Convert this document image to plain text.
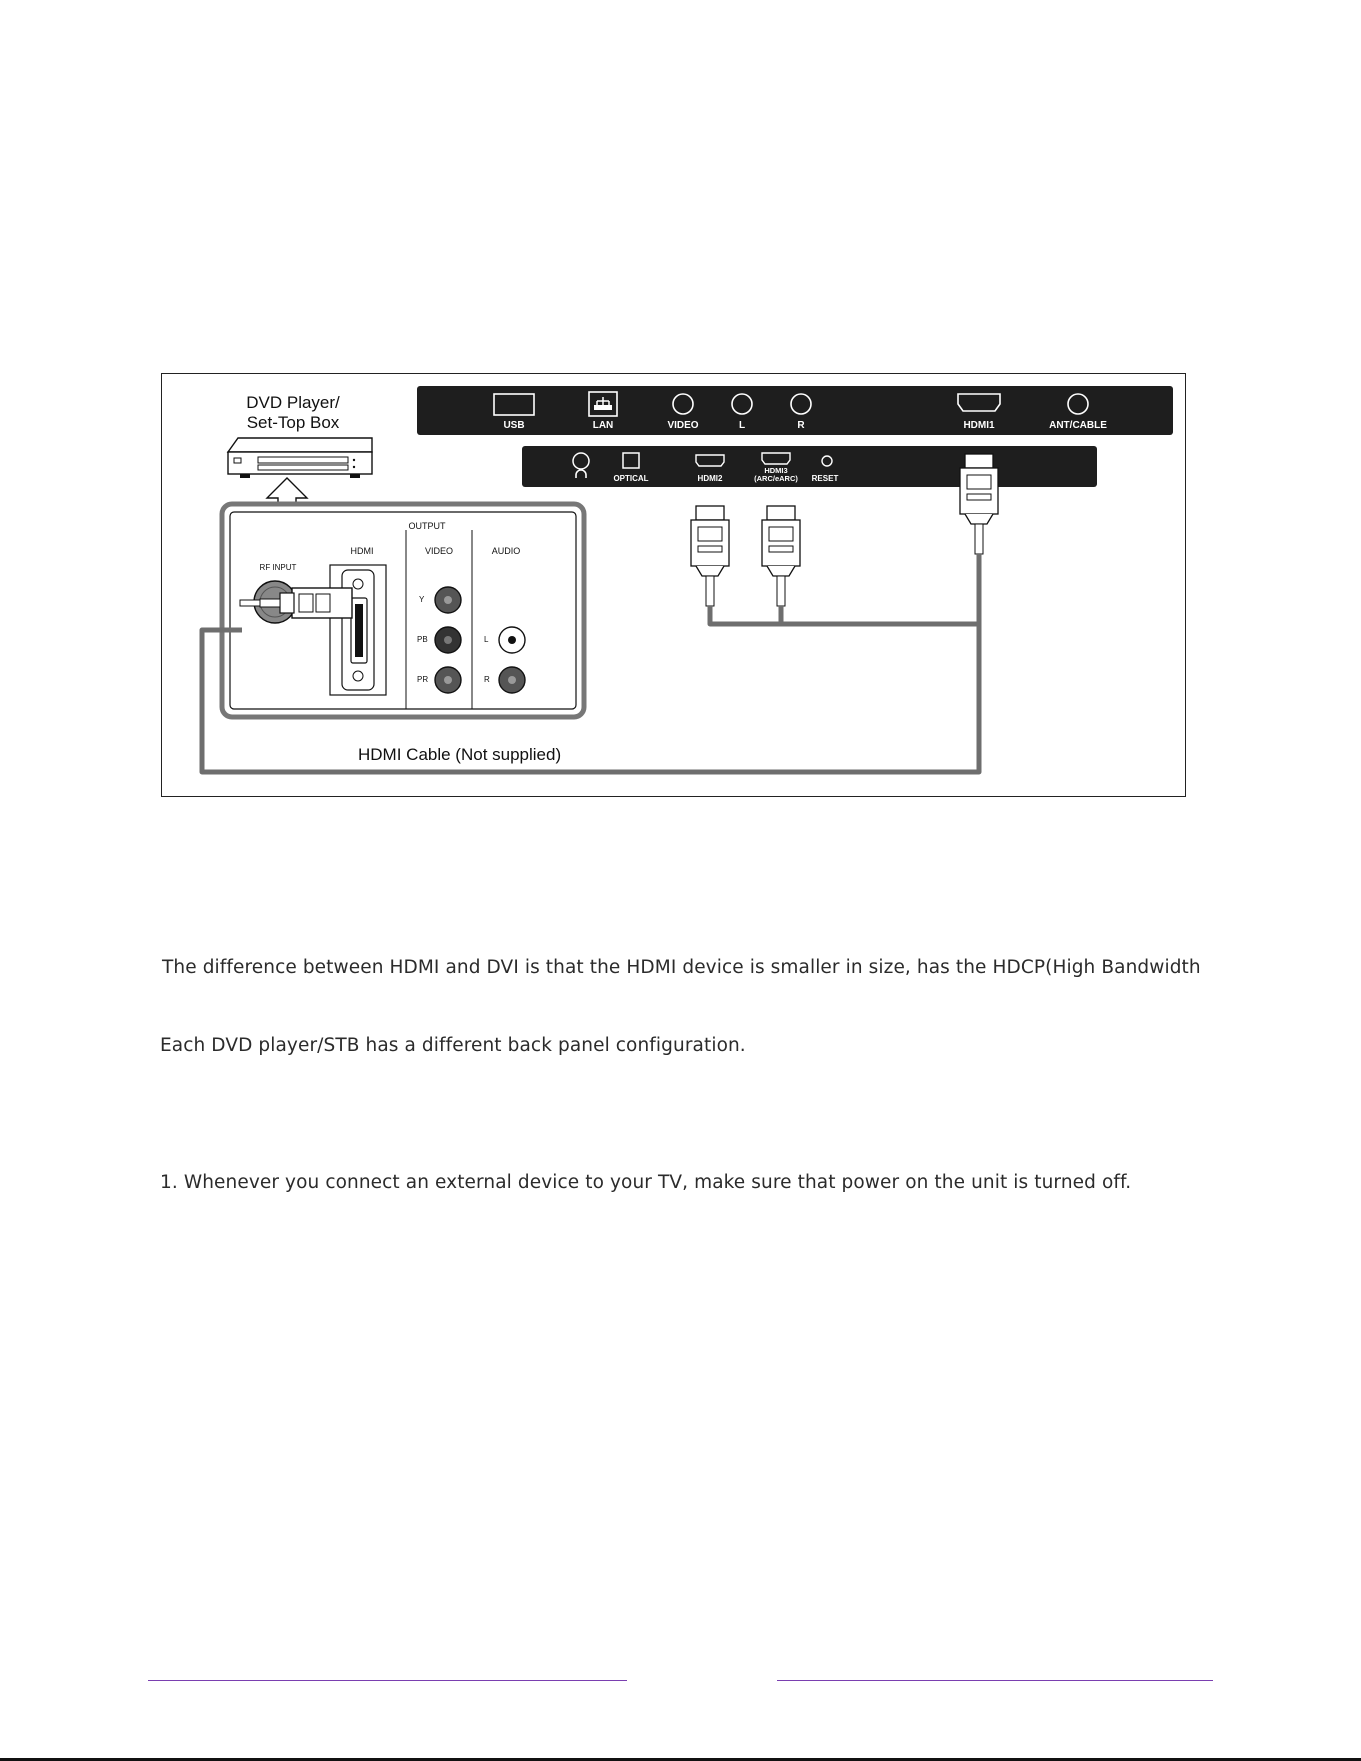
DVD Player/
Set-Top Box
OUTPUT
RF INPUT
HDMI	VIDEO	AUDIO
Y
PB
PR
L
R
USB	LAN	VIDEO	L	R	HDMI1	ANT/CABLE
OPTICAL	HDMI2
HDMI3
(ARC/eARC) RESET
HDMI Cable (Not supplied)
The difference between HDMI and DVI is that the HDMI device is smaller in size, has the HDCP(High Bandwidth
Each DVD player/STB has a different back panel configuration.
1. Whenever you connect an external device to your TV, make sure that power on the unit is turned off.
